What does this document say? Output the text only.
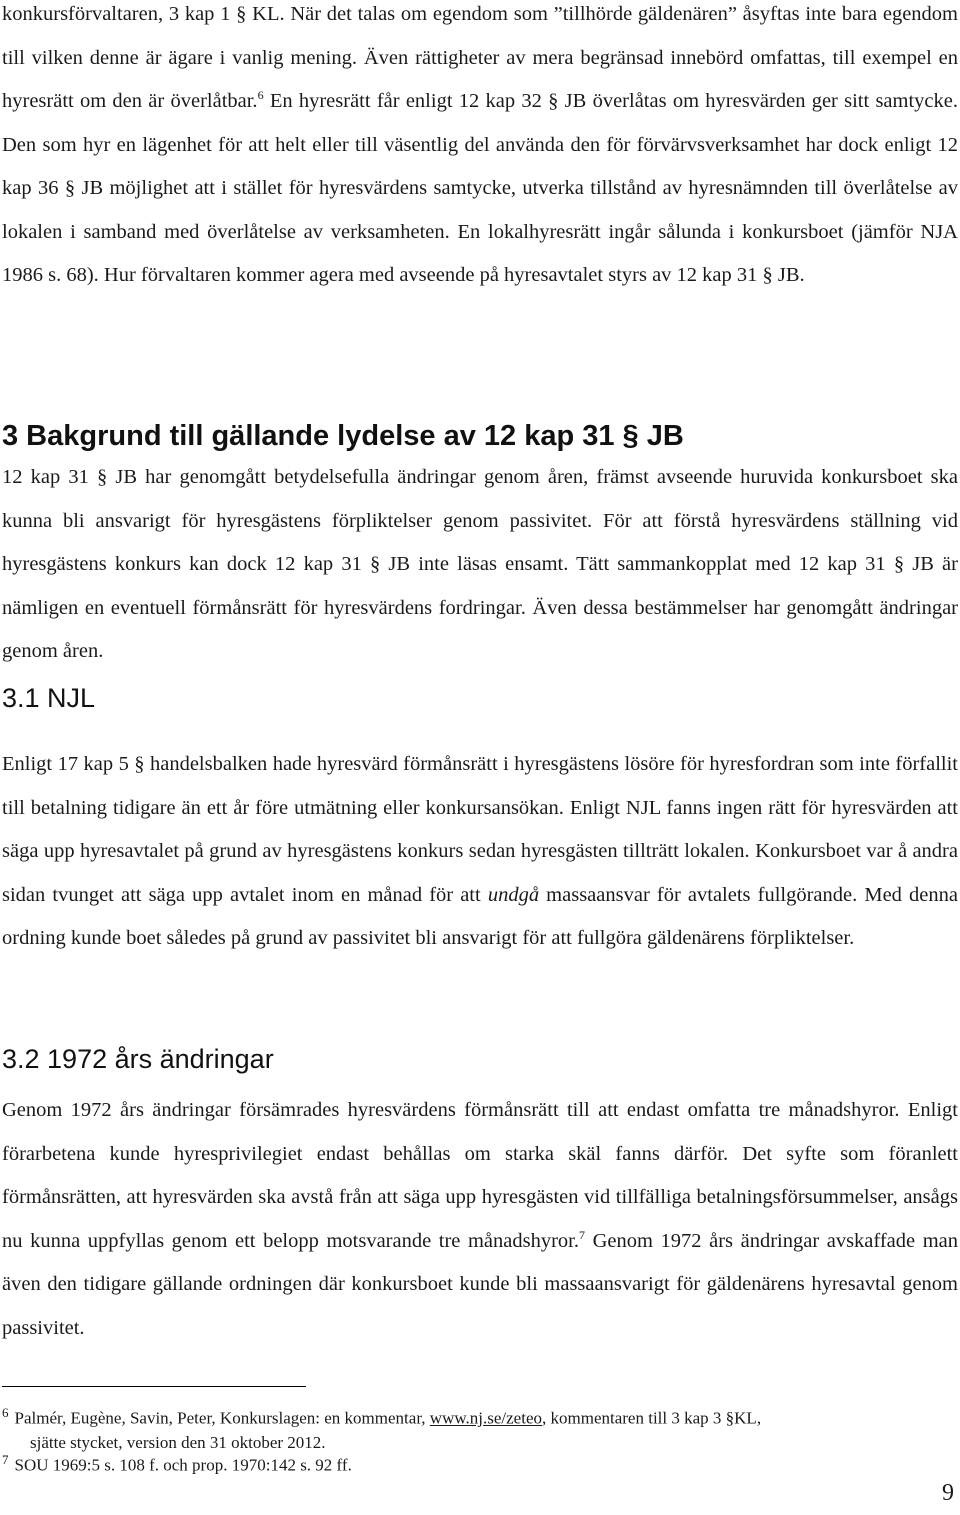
konkursförvaltaren, 3 kap 1 § KL. När det talas om egendom som ”tillhörde gäldenären” åsyftas inte bara egendom till vilken denne är ägare i vanlig mening. Även rättigheter av mera begränsad innebörd omfattas, till exempel en hyresrätt om den är överlåtbar.$^6$ En hyresrätt får enligt 12 kap 32 § JB överlåtas om hyresvärden ger sitt samtycke. Den som hyr en lägenhet för att helt eller till väsentlig del använda den för förvärvsverksamhet har dock enligt 12 kap 36 § JB möjlighet att i stället för hyresvärdens samtycke, utverka tillstånd av hyresnämnden till överlåtelse av lokalen i samband med överlåtelse av verksamheten. En lokalhyresrätt ingår sålunda i konkursboet (jämför NJA 1986 s. 68). Hur förvaltaren kommer agera med avseende på hyresavtalet styrs av 12 kap 31 § JB.

3 Bakgrund till gällande lydelse av 12 kap 31 § JB

12 kap 31 § JB har genomgått betydelsefulla ändringar genom åren, främst avseende huruvida konkursboet ska kunna bli ansvarigt för hyresgästens förpliktelser genom passivitet. För att förstå hyresvärdens ställning vid hyresgästens konkurs kan dock 12 kap 31 § JB inte läsas ensamt. Tätt sammankopplat med 12 kap 31 § JB är nämligen en eventuell förmånsrätt för hyresvärdens fordringar. Även dessa bestämmelser har genomgått ändringar genom åren.

3.1 NJL

Enligt 17 kap 5 § handelsbalken hade hyresvärd förmånsrätt i hyresgästens lösöre för hyresfordran som inte förfallit till betalning tidigare än ett år före utmätning eller konkursansökan. Enligt NJL fanns ingen rätt för hyresvärden att säga upp hyresavtalet på grund av hyresgästens konkurs sedan hyresgästen tillträtt lokalen. Konkursboet var å andra sidan tvunget att säga upp avtalet inom en månad för att undgå massaansvar för avtalets fullgörande. Med denna ordning kunde boet således på grund av passivitet bli ansvarigt för att fullgöra gäldenärens förpliktelser.

3.2 1972 års ändringar

Genom 1972 års ändringar försämrades hyresvärdens förmånsrätt till att endast omfatta tre månadshyror. Enligt förarbetena kunde hyresprivilegiet endast behållas om starka skäl fanns därför. Det syfte som föranlett förmånsrätten, att hyresvärden ska avstå från att säga upp hyresgästen vid tillfälliga betalningsförsummelser, ansågs nu kunna uppfyllas genom ett belopp motsvarande tre månadshyror.$^7$ Genom 1972 års ändringar avskaffade man även den tidigare gällande ordningen där konkursboet kunde bli massaansvarigt för gäldenärens hyresavtal genom passivitet.

$^6$ Palmér, Eugène, Savin, Peter, Konkurslagen: en kommentar, www.nj.se/zeteo, kommentaren till 3 kap 3 §KL,
sjätte stycket, version den 31 oktober 2012.

$^7$ SOU 1969:5 s. 108 f. och prop. 1970:142 s. 92 ff.

9
